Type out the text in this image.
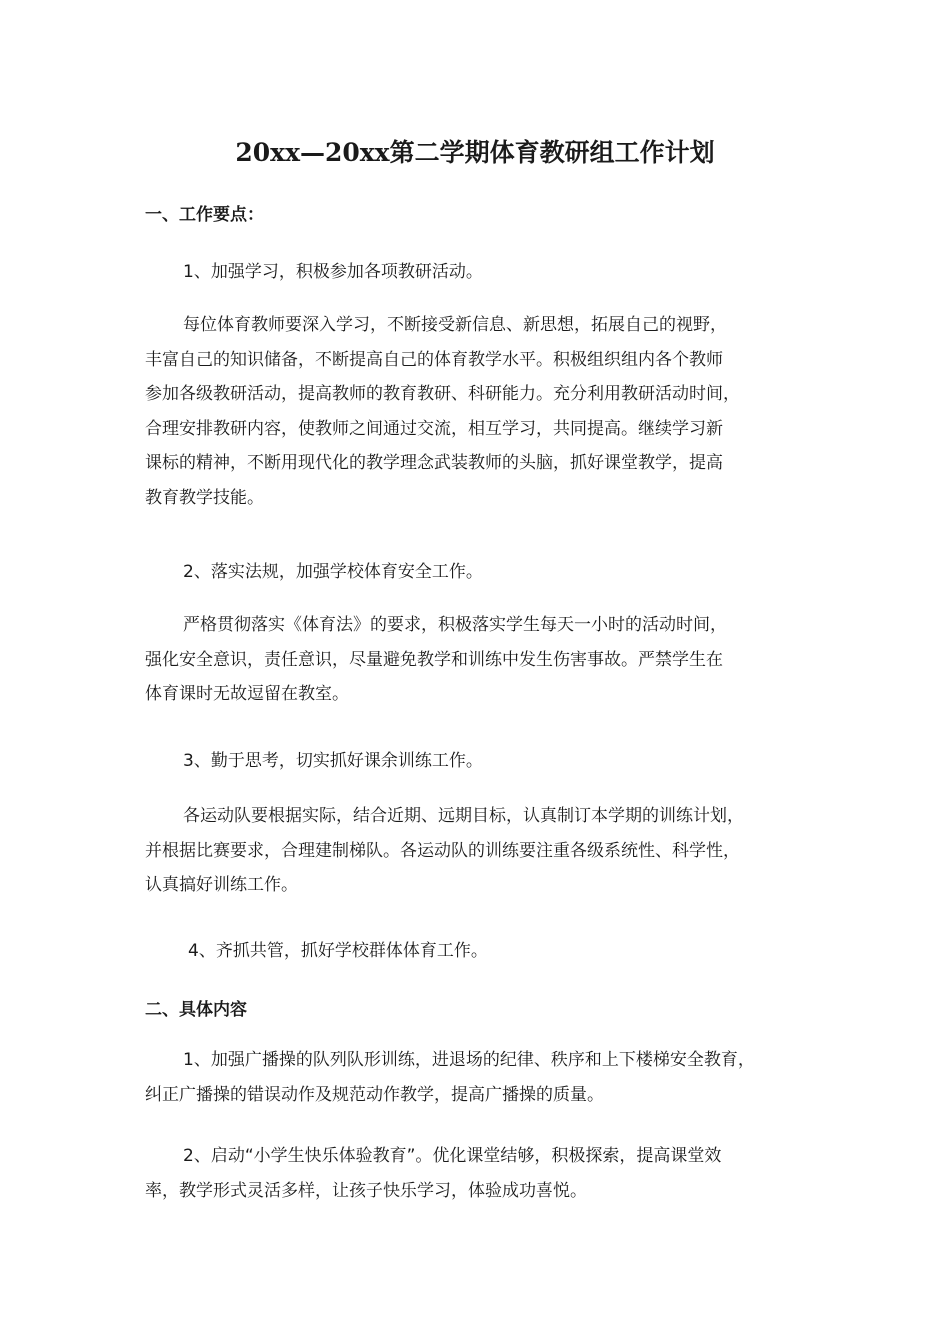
20xx—20xx第二学期体育教研组工作计划
一、工作要点：
1、加强学习，积极参加各项教研活动。
每位体育教师要深入学习，不断接受新信息、新思想，拓展自己的视野，
丰富自己的知识储备，不断提高自己的体育教学水平。积极组织组内各个教师
参加各级教研活动，提高教师的教育教研、科研能力。充分利用教研活动时间，
合理安排教研内容，使教师之间通过交流，相互学习，共同提高。继续学习新
课标的精神，不断用现代化的教学理念武装教师的头脑，抓好课堂教学，提高
教育教学技能。
2、落实法规，加强学校体育安全工作。
严格贯彻落实《体育法》的要求，积极落实学生每天一小时的活动时间，
强化安全意识，责任意识，尽量避免教学和训练中发生伤害事故。严禁学生在
体育课时无故逗留在教室。
3、勤于思考，切实抓好课余训练工作。
各运动队要根据实际，结合近期、远期目标，认真制订本学期的训练计划，
并根据比赛要求，合理建制梯队。各运动队的训练要注重各级系统性、科学性，
认真搞好训练工作。
4、齐抓共管，抓好学校群体体育工作。
二、具体内容
1、加强广播操的队列队形训练，进退场的纪律、秩序和上下楼梯安全教育，
纠正广播操的错误动作及规范动作教学，提高广播操的质量。
2、启动“小学生快乐体验教育”。优化课堂结够，积极探索，提高课堂效
率，教学形式灵活多样，让孩子快乐学习，体验成功喜悦。
